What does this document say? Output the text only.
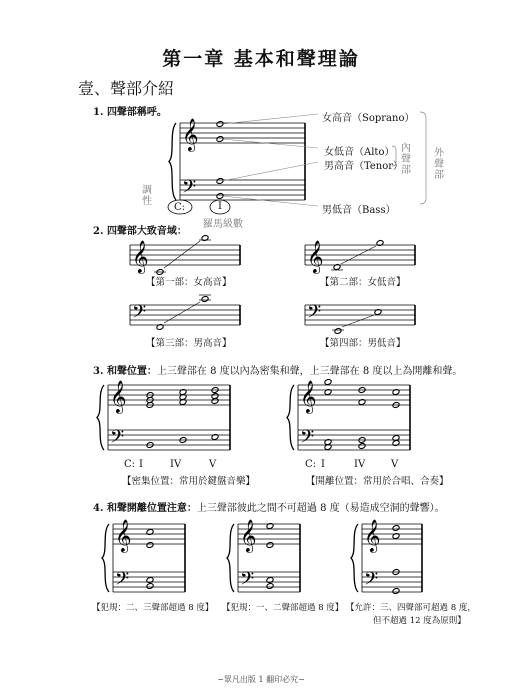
第一章 基本和聲理論
壹、聲部介紹
1. 四聲部稱呼。
女高音（Soprano）
女低音（Alto）
男高音（Tenor）
男低音（Bass）
內聲部
外聲部
調性
C:	I
羅馬級數
2. 四聲部大致音域：
【第一部：女高音】	【第二部：女低音】
【第三部：男高音】	【第四部：男低音】
3. 和聲位置：上三聲部在 8 度以內為密集和聲，上三聲部在 8 度以上為開離和聲。
C: I	IV	V	C: I	IV	V
【密集位置：常用於鍵盤音樂】	【開離位置：常用於合唱、合奏】
4. 和聲開離位置注意：上三聲部彼此之間不可超過 8 度（易造成空洞的聲響）。
【犯規：二、三聲部超過 8 度】 【犯規：一、二聲部超過 8 度】 【允許：三、四聲部可超過 8 度，
但不超過 12 度為原則】
~眾凡出版 1 翻印必究~
𝄞
𝄢
𝄞	𝄞
𝄢	𝄢
𝄞
𝄢
𝄞
𝄢
𝄞
𝄢
𝄞
𝄢
𝄞
𝄢
